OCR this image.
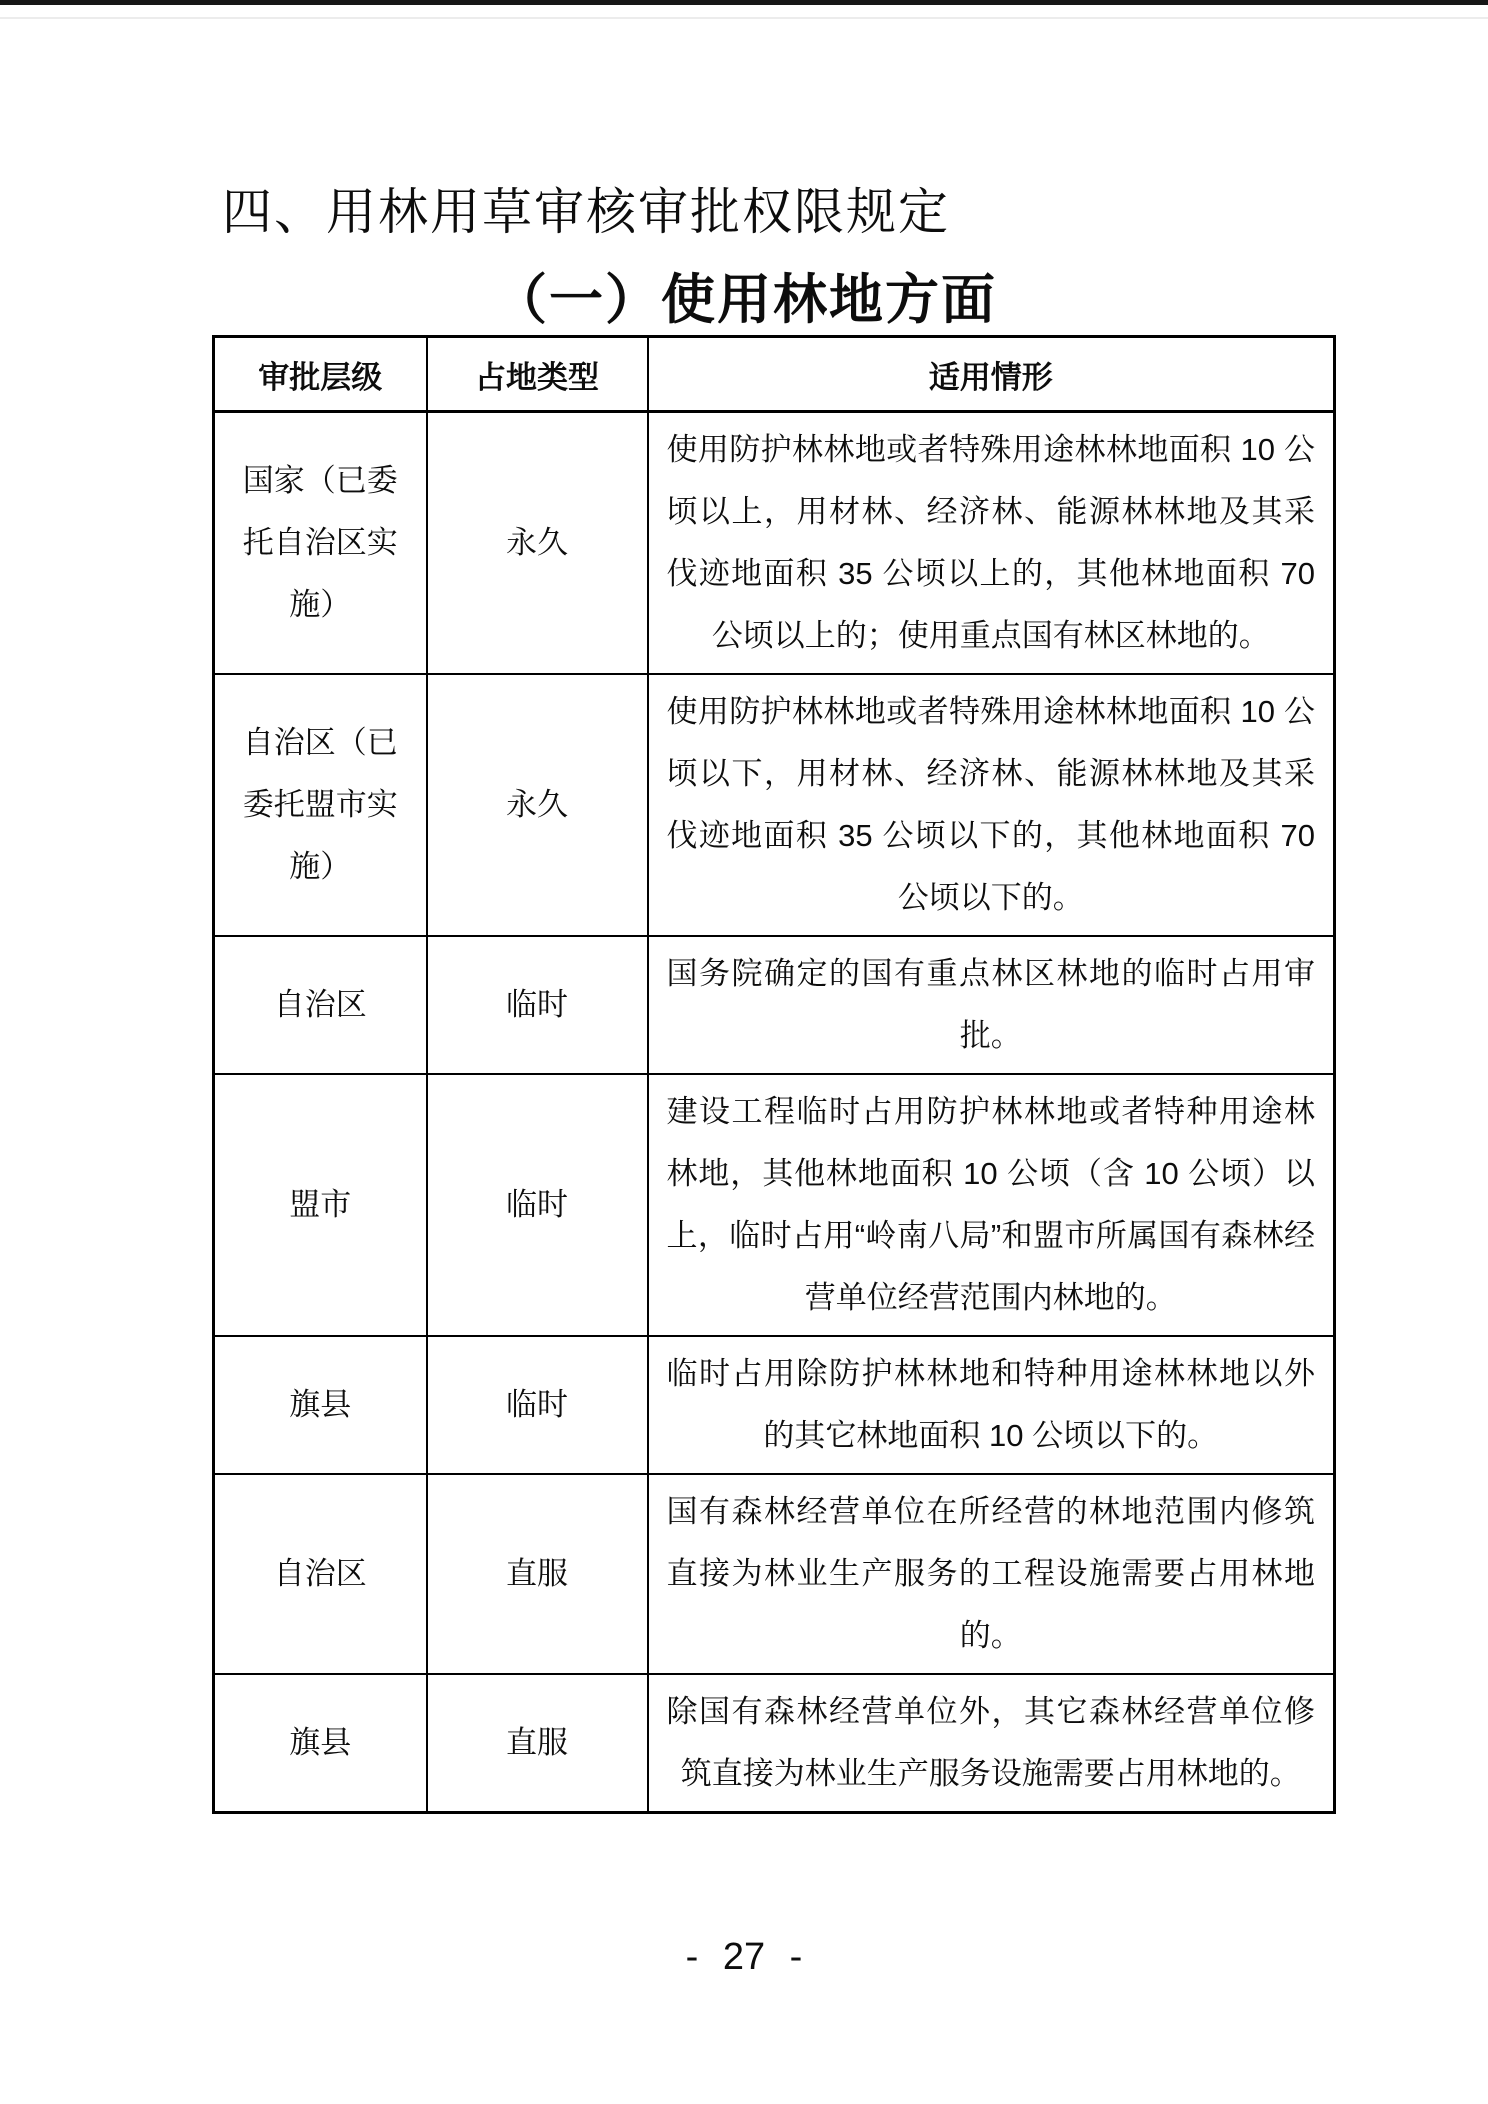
四、用林用草审核审批权限规定
（一）使用林地方面
审批层级	占地类型	适用情形
国家（已委托自治区实施）	永久	使用防护林林地或者特殊用途林林地面积 10 公顷以上，用材林、经济林、能源林林地及其采伐迹地面积 35 公顷以上的，其他林地面积 70 公顷以上的；使用重点国有林区林地的。
自治区（已委托盟市实施）	永久	使用防护林林地或者特殊用途林林地面积 10 公顷以下，用材林、经济林、能源林林地及其采伐迹地面积 35 公顷以下的，其他林地面积 70 公顷以下的。
自治区	临时	国务院确定的国有重点林区林地的临时占用审批。
盟市	临时	建设工程临时占用防护林林地或者特种用途林林地，其他林地面积 10 公顷（含 10 公顷）以上，临时占用“岭南八局”和盟市所属国有森林经营单位经营范围内林地的。
旗县	临时	临时占用除防护林林地和特种用途林林地以外的其它林地面积 10 公顷以下的。
自治区	直服	国有森林经营单位在所经营的林地范围内修筑直接为林业生产服务的工程设施需要占用林地的。
旗县	直服	除国有森林经营单位外，其它森林经营单位修筑直接为林业生产服务设施需要占用林地的。
- 27 -
